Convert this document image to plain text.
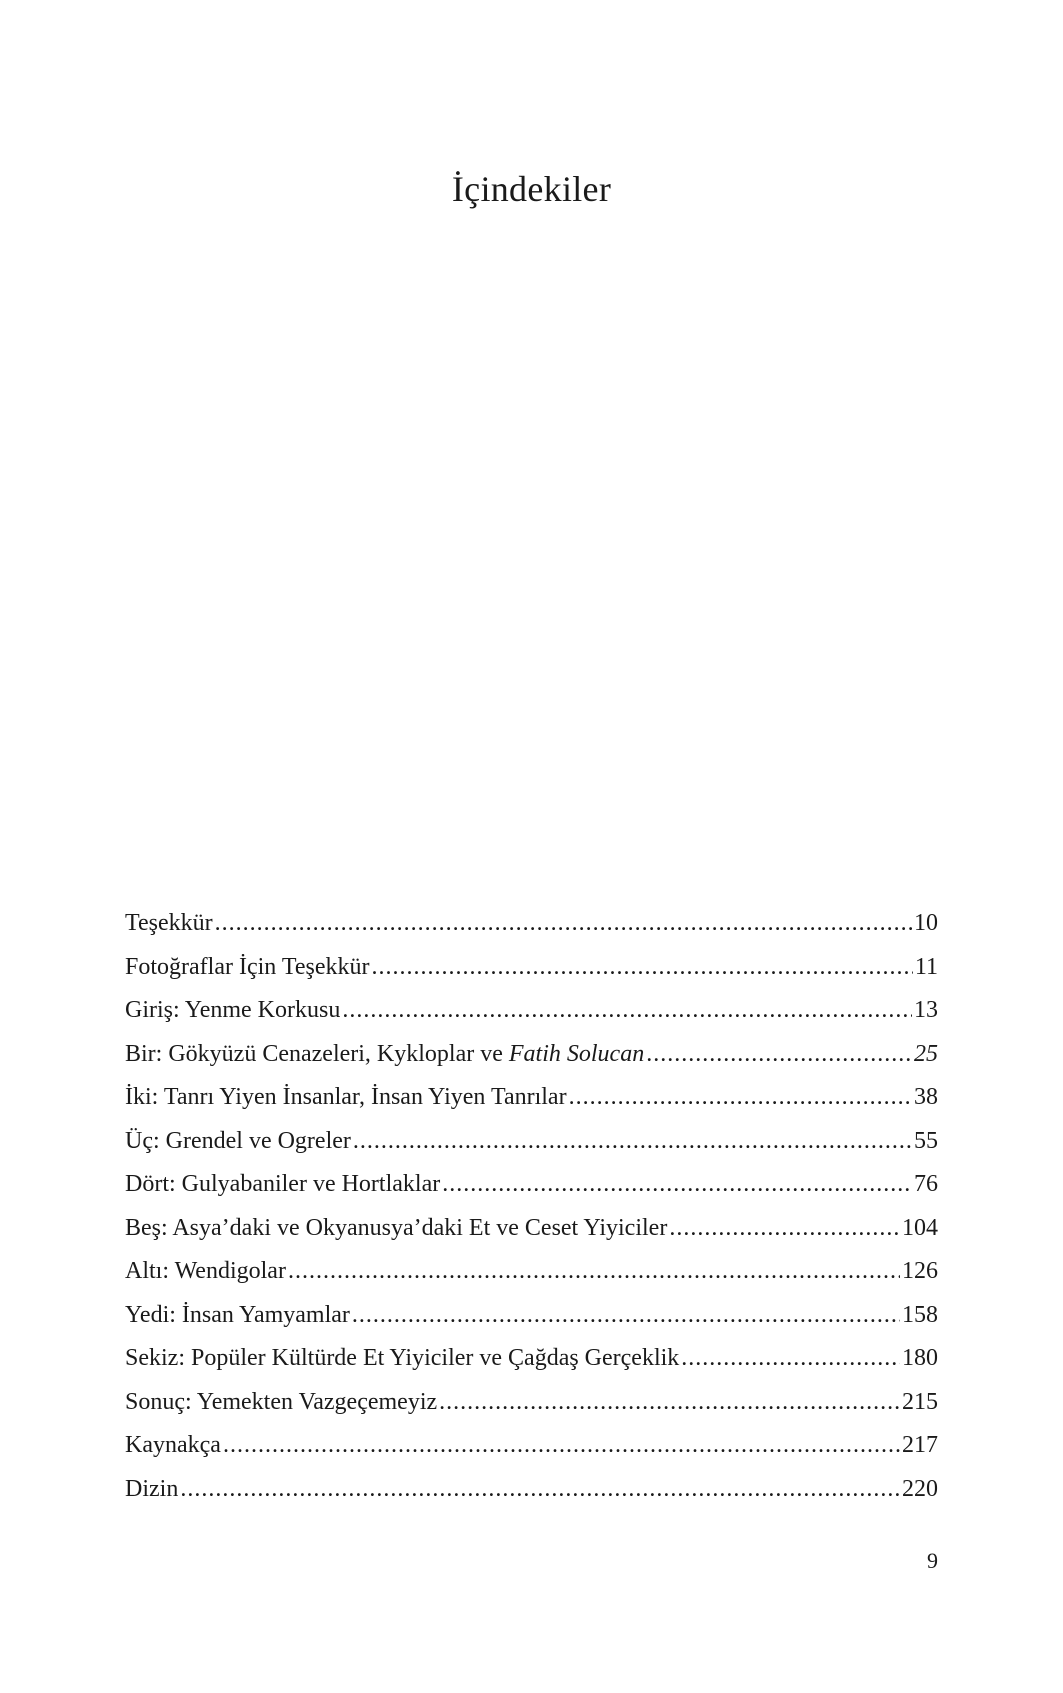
İçindekiler
Teşekkür .....	10
Fotoğraflar İçin Teşekkür .....	11
Giriş: Yenme Korkusu .....	13
Bir: Gökyüzü Cenazeleri, Kykloplar ve Fatih Solucan .....	25
İki: Tanrı Yiyen İnsanlar, İnsan Yiyen Tanrılar .....	38
Üç: Grendel ve Ogreler .....	55
Dört: Gulyabaniler ve Hortlaklar .....	76
Beş: Asya’daki ve Okyanusya’daki Et ve Ceset Yiyiciler .....	104
Altı: Wendigolar .....	126
Yedi: İnsan Yamyamlar .....	158
Sekiz: Popüler Kültürde Et Yiyiciler ve Çağdaş Gerçeklik .....	180
Sonuç: Yemekten Vazgeçemeyiz .....	215
Kaynakça .....	217
Dizin .....	220
9
